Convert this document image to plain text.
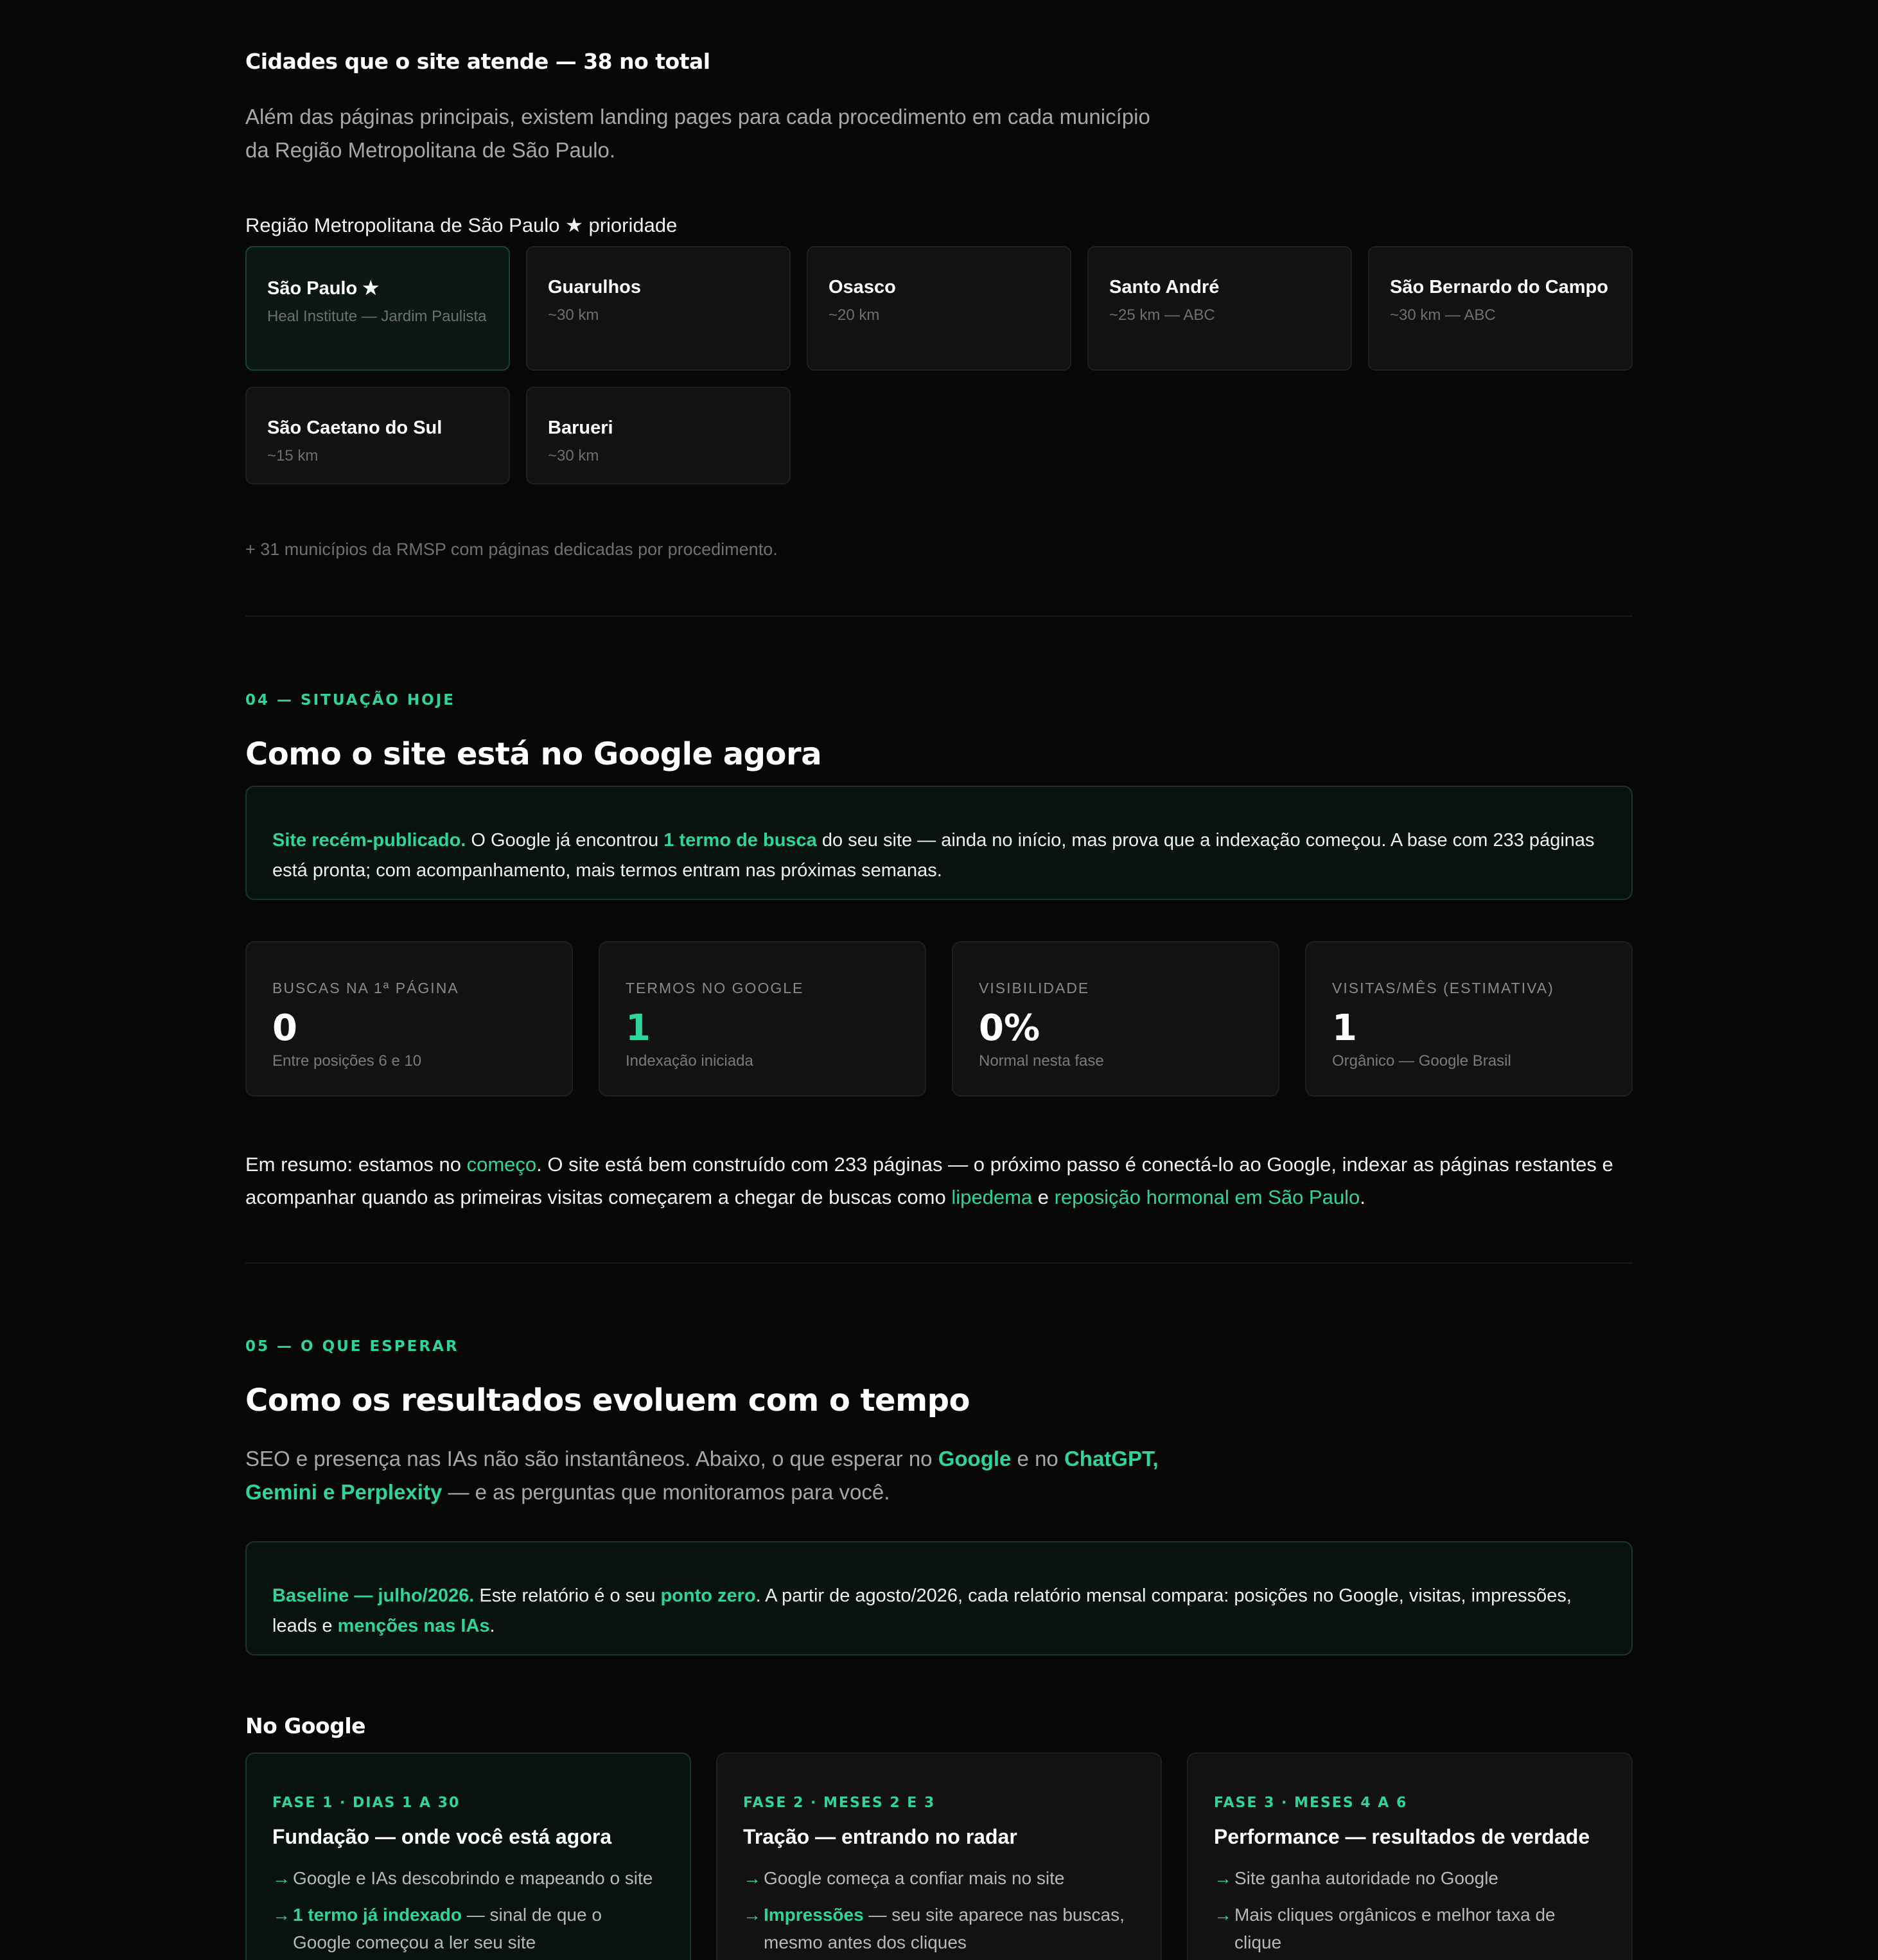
Cidades que o site atende — 38 no total
Além das páginas principais, existem landing pages para cada procedimento em cada município
da Região Metropolitana de São Paulo.
Região Metropolitana de São Paulo ★ prioridade
São Paulo ★
Heal Institute — Jardim Paulista
Guarulhos
~30 km
Osasco
~20 km
Santo André
~25 km — ABC
São Bernardo do Campo
~30 km — ABC
São Caetano do Sul
~15 km
Barueri
~30 km
+ 31 municípios da RMSP com páginas dedicadas por procedimento.
04 — SITUAÇÃO HOJE
Como o site está no Google agora
Site recém-publicado. O Google já encontrou 1 termo de busca do seu site — ainda no início, mas prova que a indexação começou. A base com 233 páginas está pronta; com acompanhamento, mais termos entram nas próximas semanas.
BUSCAS NA 1ª PÁGINA
0
Entre posições 6 e 10
TERMOS NO GOOGLE
1
Indexação iniciada
VISIBILIDADE
0%
Normal nesta fase
VISITAS/MÊS (ESTIMATIVA)
1
Orgânico — Google Brasil
Em resumo: estamos no começo. O site está bem construído com 233 páginas — o próximo passo é conectá-lo ao Google, indexar as páginas restantes e acompanhar quando as primeiras visitas começarem a chegar de buscas como lipedema e reposição hormonal em São Paulo.
05 — O QUE ESPERAR
Como os resultados evoluem com o tempo
SEO e presença nas IAs não são instantâneos. Abaixo, o que esperar no Google e no ChatGPT,
Gemini e Perplexity — e as perguntas que monitoramos para você.
Baseline — julho/2026. Este relatório é o seu ponto zero. A partir de agosto/2026, cada relatório mensal compara: posições no Google, visitas, impressões, leads e menções nas IAs.
No Google
FASE 1 · DIAS 1 A 30
Fundação — onde você está agora
→ Google e IAs descobrindo e mapeando o site
→ 1 termo já indexado — sinal de que o Google começou a ler seu site
FASE 2 · MESES 2 E 3
Tração — entrando no radar
→ Google começa a confiar mais no site
→ Impressões — seu site aparece nas buscas, mesmo antes dos cliques
FASE 3 · MESES 4 A 6
Performance — resultados de verdade
→ Site ganha autoridade no Google
→ Mais cliques orgânicos e melhor taxa de clique
